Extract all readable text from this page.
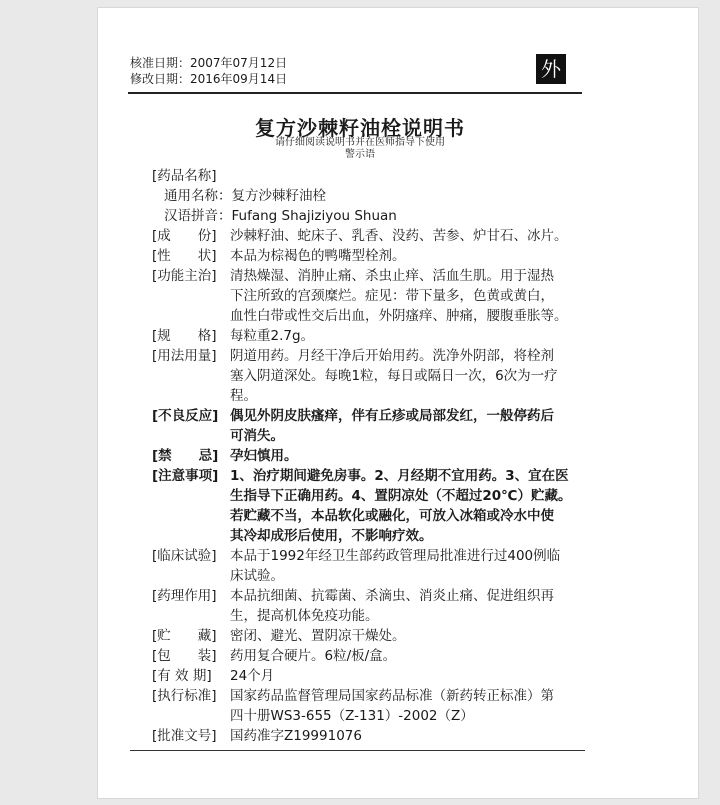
核准日期：2007年07月12日
修改日期：2016年09月14日	外
复方沙棘籽油栓说明书
请仔细阅读说明书并在医师指导下使用
警示语
[药品名称]
通用名称： 复方沙棘籽油栓
汉语拼音： Fufang Shajiziyou Shuan
[成　　份] 沙棘籽油、蛇床子、乳香、没药、苦参、炉甘石、冰片。
[性　　状] 本品为棕褐色的鸭嘴型栓剂。
[功能主治] 清热燥湿、消肿止痛、杀虫止痒、活血生肌。用于湿热
下注所致的宫颈糜烂。症见：带下量多，色黄或黄白，
血性白带或性交后出血，外阴瘙痒、肿痛，腰腹垂胀等。
[规　　格] 每粒重2.7g。
[用法用量] 阴道用药。月经干净后开始用药。洗净外阴部，将栓剂
塞入阴道深处。每晚1粒，每日或隔日一次，6次为一疗
程。
[不良反应] 偶见外阴皮肤瘙痒，伴有丘疹或局部发红，一般停药后
可消失。
[禁　　忌] 孕妇慎用。
[注意事项] 1、治疗期间避免房事。2、月经期不宜用药。3、宜在医
生指导下正确用药。4、置阴凉处（不超过20℃）贮藏。
若贮藏不当，本品软化或融化，可放入冰箱或冷水中使
其冷却成形后使用，不影响疗效。
[临床试验] 本品于1992年经卫生部药政管理局批准进行过400例临
床试验。
[药理作用] 本品抗细菌、抗霉菌、杀滴虫、消炎止痛、促进组织再
生，提高机体免疫功能。
[贮　　藏] 密闭、避光、置阴凉干燥处。
[包　　装] 药用复合硬片。6粒/板/盒。
[有 效 期]	24个月
[执行标准] 国家药品监督管理局国家药品标准（新药转正标准）第
四十册WS3-655（Z-131）-2002（Z）
[批准文号] 国药准字Z19991076
